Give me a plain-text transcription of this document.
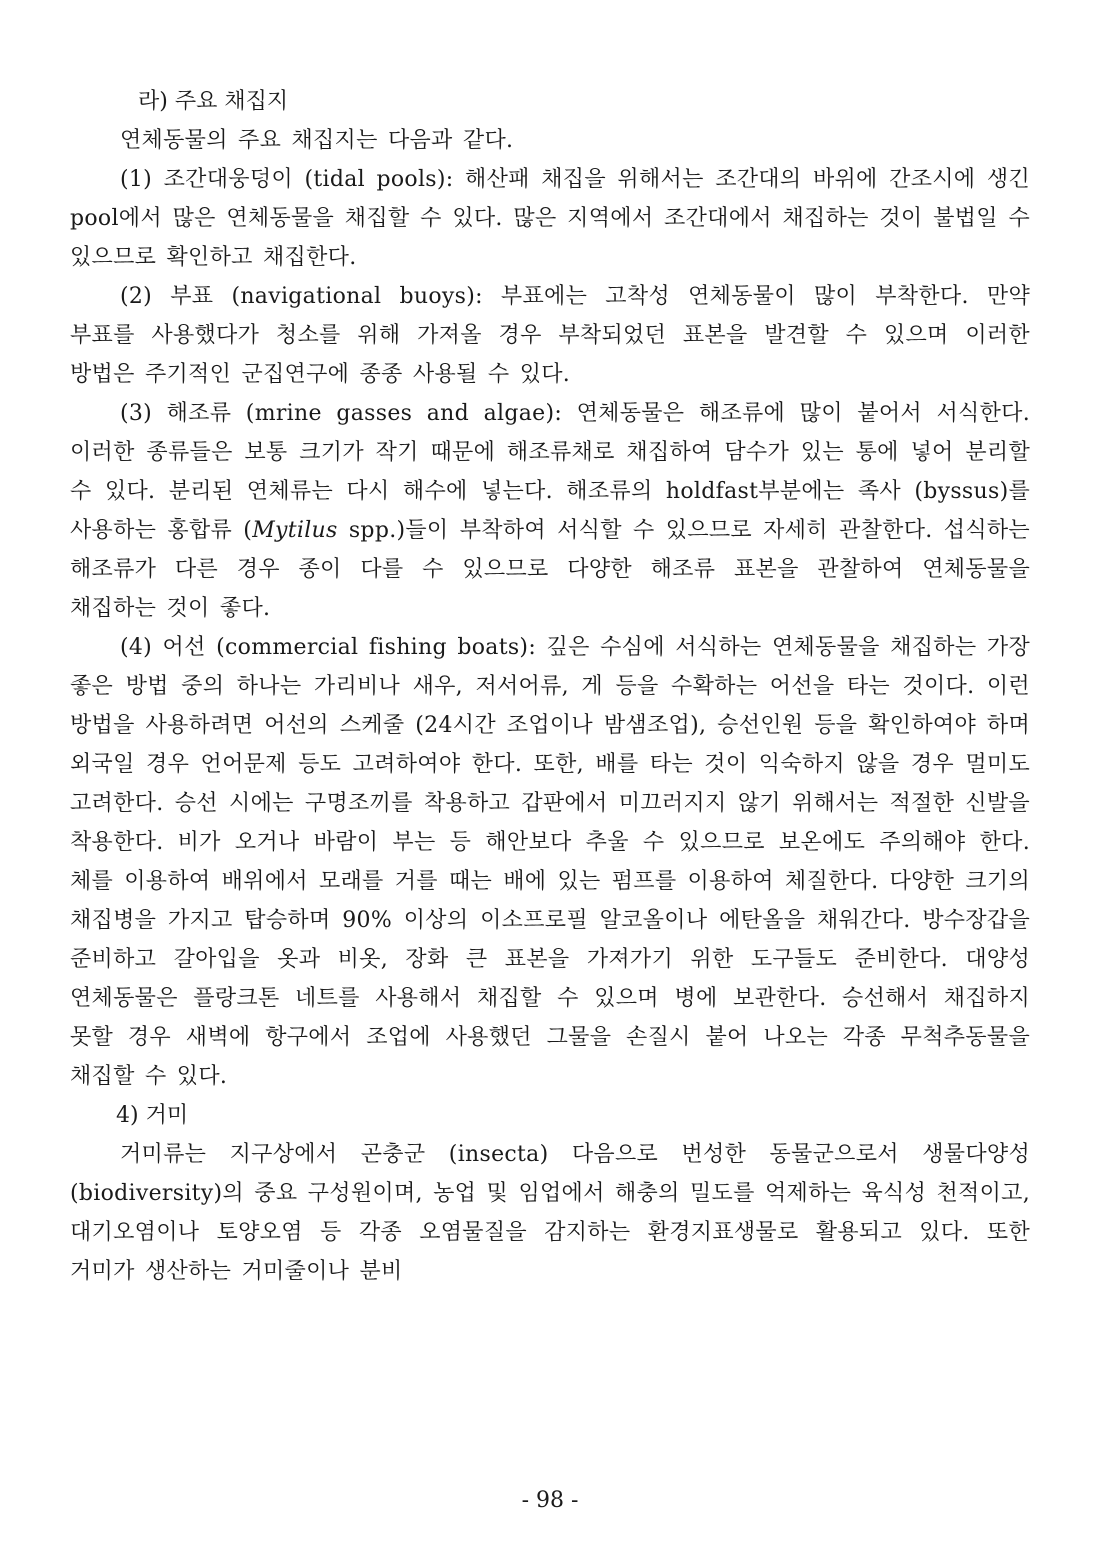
라) 주요 채집지

연체동물의 주요 채집지는 다음과 같다.

(1) 조간대웅덩이 (tidal pools): 해산패 채집을 위해서는 조간대의 바위에 간조시에 생긴 pool에서 많은 연체동물을 채집할 수 있다. 많은 지역에서 조간대에서 채집하는 것이 불법일 수 있으므로 확인하고 채집한다.

(2) 부표 (navigational buoys): 부표에는 고착성 연체동물이 많이 부착한다. 만약 부표를 사용했다가 청소를 위해 가져올 경우 부착되었던 표본을 발견할 수 있으며 이러한 방법은 주기적인 군집연구에 종종 사용될 수 있다.

(3) 해조류 (mrine gasses and algae): 연체동물은 해조류에 많이 붙어서 서식한다. 이러한 종류들은 보통 크기가 작기 때문에 해조류채로 채집하여 담수가 있는 통에 넣어 분리할 수 있다. 분리된 연체류는 다시 해수에 넣는다. 해조류의 holdfast부분에는 족사 (byssus)를 사용하는 홍합류 (Mytilus spp.)들이 부착하여 서식할 수 있으므로 자세히 관찰한다. 섭식하는 해조류가 다른 경우 종이 다를 수 있으므로 다양한 해조류 표본을 관찰하여 연체동물을 채집하는 것이 좋다.

(4) 어선 (commercial fishing boats): 깊은 수심에 서식하는 연체동물을 채집하는 가장 좋은 방법 중의 하나는 가리비나 새우, 저서어류, 게 등을 수확하는 어선을 타는 것이다. 이런 방법을 사용하려면 어선의 스케줄 (24시간 조업이나 밤샘조업), 승선인원 등을 확인하여야 하며 외국일 경우 언어문제 등도 고려하여야 한다. 또한, 배를 타는 것이 익숙하지 않을 경우 멀미도 고려한다. 승선 시에는 구명조끼를 착용하고 갑판에서 미끄러지지 않기 위해서는 적절한 신발을 착용한다. 비가 오거나 바람이 부는 등 해안보다 추울 수 있으므로 보온에도 주의해야 한다. 체를 이용하여 배위에서 모래를 거를 때는 배에 있는 펌프를 이용하여 체질한다. 다양한 크기의 채집병을 가지고 탑승하며 90% 이상의 이소프로필 알코올이나 에탄올을 채워간다. 방수장갑을 준비하고 갈아입을 옷과 비옷, 장화 큰 표본을 가져가기 위한 도구들도 준비한다. 대양성 연체동물은 플랑크톤 네트를 사용해서 채집할 수 있으며 병에 보관한다. 승선해서 채집하지 못할 경우 새벽에 항구에서 조업에 사용했던 그물을 손질시 붙어 나오는 각종 무척추동물을 채집할 수 있다.

4) 거미

거미류는 지구상에서 곤충군 (insecta) 다음으로 번성한 동물군으로서 생물다양성 (biodiversity)의 중요 구성원이며, 농업 및 임업에서 해충의 밀도를 억제하는 육식성 천적이고, 대기오염이나 토양오염 등 각종 오염물질을 감지하는 환경지표생물로 활용되고 있다. 또한 거미가 생산하는 거미줄이나 분비

- 98 -
